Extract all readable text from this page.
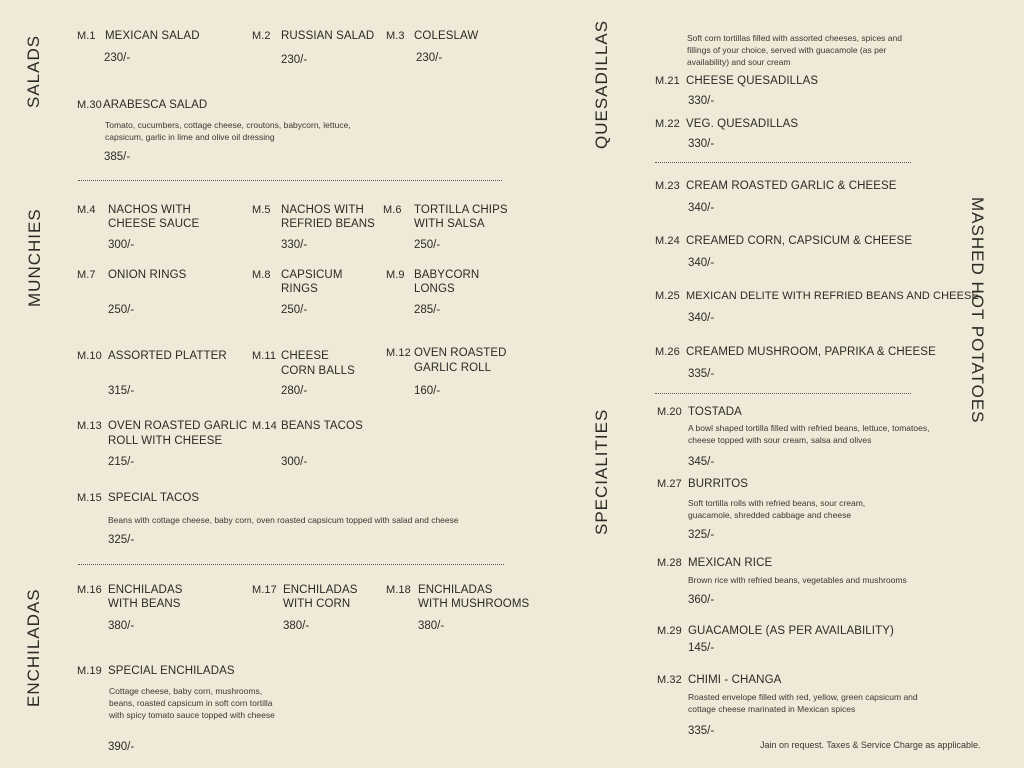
SALADS
MUNCHIES
ENCHILADAS
M.1 MEXICAN SALAD
230/-
M.2 RUSSIAN SALAD
230/-
M.3 COLESLAW
230/-
M.30 ARABESCA SALAD
Tomato, cucumbers, cottage cheese, croutons, babycorn, lettuce, capsicum, garlic in lime and olive oil dressing
385/-
M.4 NACHOS WITH
CHEESE SAUCE
300/-
M.5 NACHOS WITH
REFRIED BEANS
330/-
M.6 TORTILLA CHIPS
WITH SALSA
250/-
M.7 ONION RINGS
250/-
M.8 CAPSICUM
RINGS
250/-
M.9 BABYCORN
LONGS
285/-
M.10 ASSORTED PLATTER
315/-
M.11 CHEESE
CORN BALLS
280/-
M.12 OVEN ROASTED
GARLIC ROLL
160/-
M.13 OVEN ROASTED GARLIC
ROLL WITH CHEESE
215/-
M.14 BEANS TACOS
300/-
M.15 SPECIAL TACOS
Beans with cottage cheese, baby corn, oven roasted capsicum topped with salad and cheese
325/-
M.16 ENCHILADAS
WITH BEANS
380/-
M.17 ENCHILADAS
WITH CORN
380/-
M.18 ENCHILADAS
WITH MUSHROOMS
380/-
M.19 SPECIAL ENCHILADAS
Cottage cheese, baby corn, mushrooms, beans, roasted capsicum in soft corn tortilla with spicy tomato sauce topped with cheese
390/-
QUESADILLAS
SPECIALITIES
MASHED HOT POTATOES
Soft corn tortillas filled with assorted cheeses, spices and fillings of your choice, served with guacamole (as per availability) and sour cream
M.21 CHEESE QUESADILLAS
330/-
M.22 VEG. QUESADILLAS
330/-
M.23 CREAM ROASTED GARLIC & CHEESE
340/-
M.24 CREAMED CORN, CAPSICUM & CHEESE
340/-
M.25 MEXICAN DELITE WITH REFRIED BEANS AND CHEESE
340/-
M.26 CREAMED MUSHROOM, PAPRIKA & CHEESE
335/-
M.20 TOSTADA
A bowl shaped tortilla filled with refried beans, lettuce, tomatoes, cheese topped with sour cream, salsa and olives
345/-
M.27 BURRITOS
Soft tortilla rolls with refried beans, sour cream, guacamole, shredded cabbage and cheese
325/-
M.28 MEXICAN RICE
Brown rice with refried beans, vegetables and mushrooms
360/-
M.29 GUACAMOLE (AS PER AVAILABILITY)
145/-
M.32 CHIMI - CHANGA
Roasted envelope filled with red, yellow, green capsicum and cottage cheese marinated in Mexican spices
335/-
Jain on request. Taxes & Service Charge as applicable.
